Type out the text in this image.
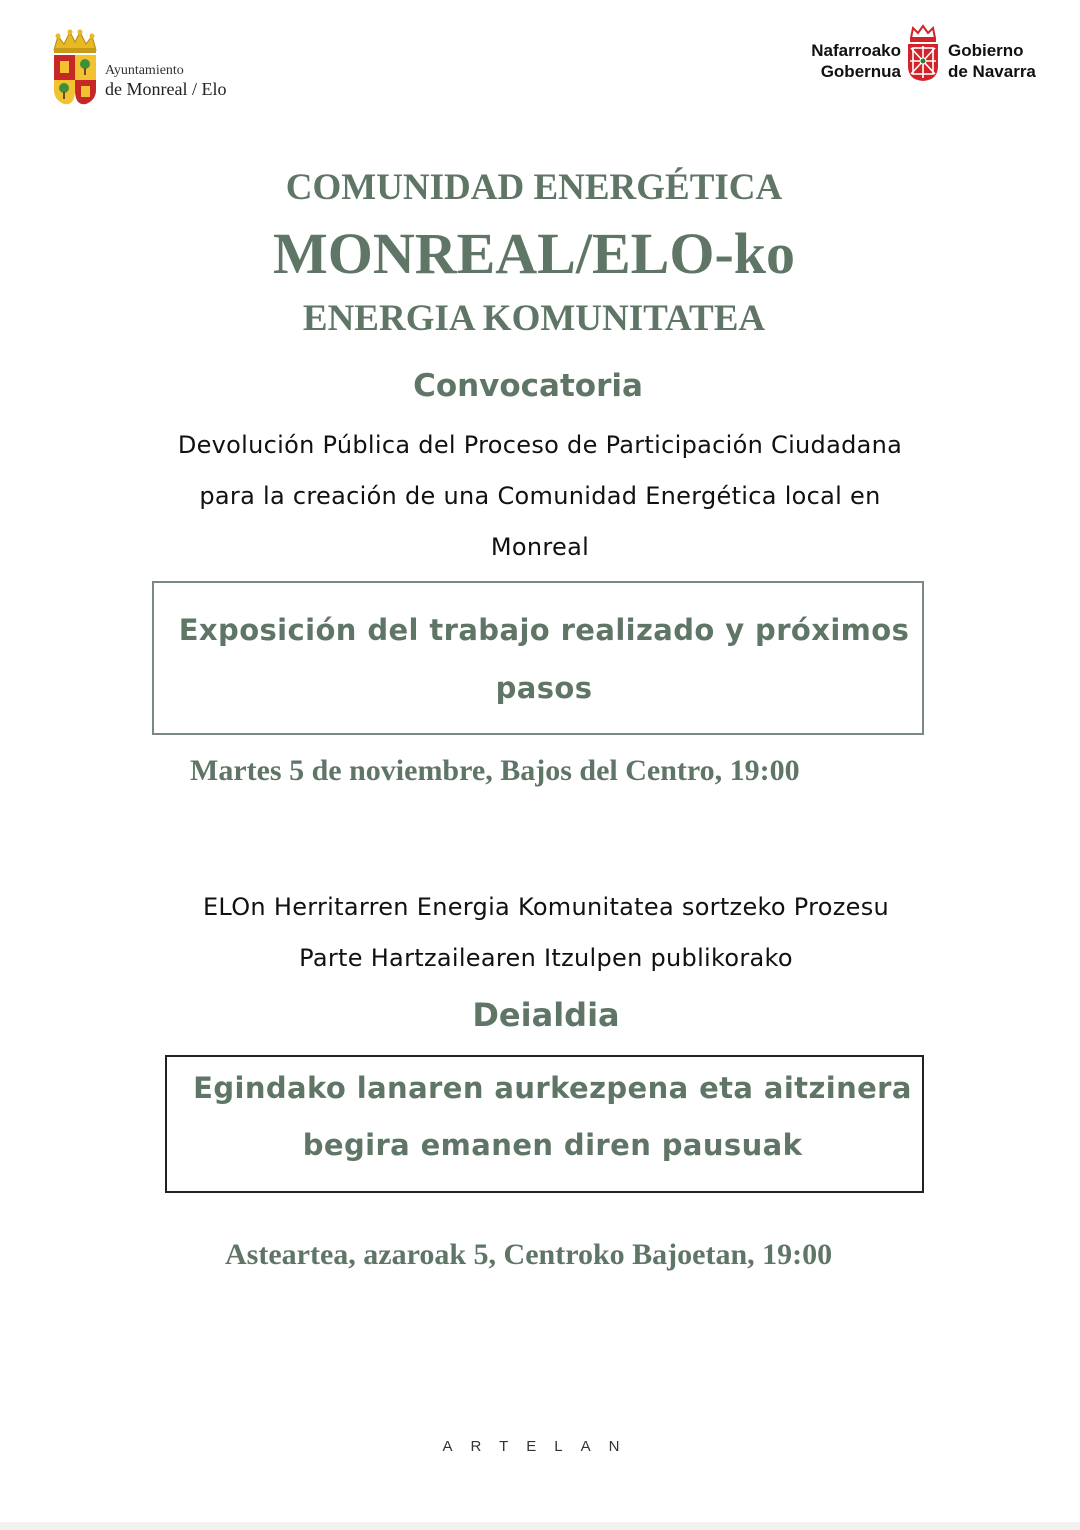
Ayuntamiento
de Monreal / Elo
Nafarroako
Gobernua
Gobierno
de Navarra
COMUNIDAD ENERGÉTICA
MONREAL/ELO-ko
ENERGIA KOMUNITATEA
Convocatoria
Devolución Pública del Proceso de Participación Ciudadana
para la creación de una Comunidad Energética local en
Monreal
Exposición del trabajo realizado y próximos
pasos
Martes 5 de noviembre, Bajos del Centro, 19:00
ELOn Herritarren Energia Komunitatea sortzeko Prozesu
Parte Hartzailearen Itzulpen publikorako
Deialdia
Egindako lanaren aurkezpena eta aitzinera
begira emanen diren pausuak
Asteartea, azaroak 5, Centroko Bajoetan, 19:00
ARTELAN
